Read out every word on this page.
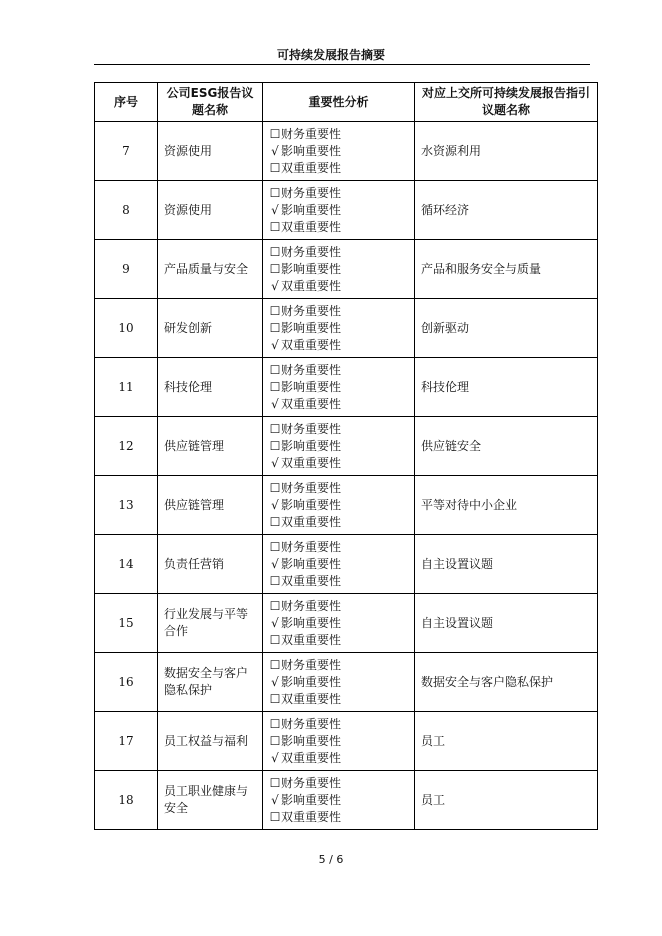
可持续发展报告摘要
序号	公司ESG报告议题名称	重要性分析	对应上交所可持续发展报告指引议题名称
7	资源使用	☐财务重要性
√ 影响重要性
☐双重重要性	水资源利用
8	资源使用	☐财务重要性
√ 影响重要性
☐双重重要性	循环经济
9	产品质量与安全	☐财务重要性
☐影响重要性
√ 双重重要性	产品和服务安全与质量
10	研发创新	☐财务重要性
☐影响重要性
√ 双重重要性	创新驱动
11	科技伦理	☐财务重要性
☐影响重要性
√ 双重重要性	科技伦理
12	供应链管理	☐财务重要性
☐影响重要性
√ 双重重要性	供应链安全
13	供应链管理	☐财务重要性
√ 影响重要性
☐双重重要性	平等对待中小企业
14	负责任营销	☐财务重要性
√ 影响重要性
☐双重重要性	自主设置议题
15	行业发展与平等合作	☐财务重要性
√ 影响重要性
☐双重重要性	自主设置议题
16	数据安全与客户隐私保护	☐财务重要性
√ 影响重要性
☐双重重要性	数据安全与客户隐私保护
17	员工权益与福利	☐财务重要性
☐影响重要性
√ 双重重要性	员工
18	员工职业健康与安全	☐财务重要性
√ 影响重要性
☐双重重要性	员工
5 / 6
